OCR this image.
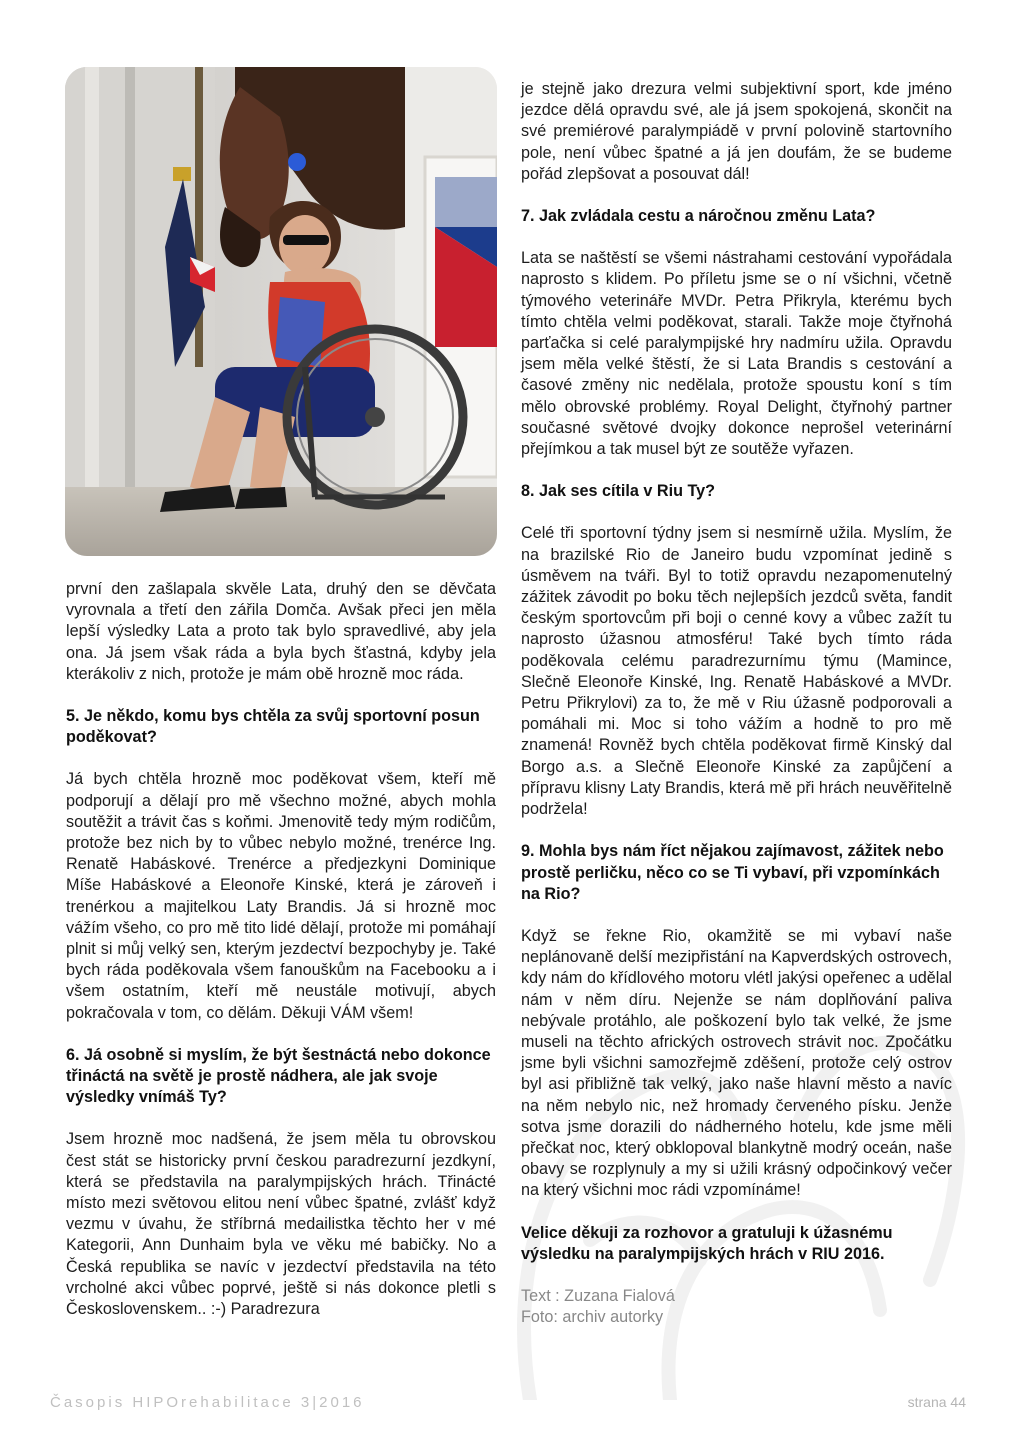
první den zašlapala skvěle Lata, druhý den se děvčata vyrovnala a třetí den zářila Domča. Avšak přeci jen měla lepší výsledky Lata a proto tak bylo spravedlivé, aby jela ona. Já jsem však ráda a byla bych šťastná, kdyby jela kterákoliv z nich, protože je mám obě hrozně moc ráda.

5. Je někdo, komu bys chtěla za svůj sportovní posun poděkovat?

Já bych chtěla hrozně moc poděkovat všem, kteří mě podporují a dělají pro mě všechno možné, abych mohla soutěžit a trávit čas s koňmi. Jmenovitě tedy mým rodičům, protože bez nich by to vůbec nebylo možné, trenérce Ing. Renatě Habáskové. Trenérce a předjezkyni Dominique Míše Habáskové a Eleonoře Kinské, která je zároveň i trenérkou a majitelkou Laty Brandis. Já si hrozně moc vážím všeho, co pro mě tito lidé dělají, protože mi pomáhají plnit si můj velký sen, kterým jezdectví bezpochyby je. Také bych ráda poděkovala všem fanouškům na Facebooku a i všem ostatním, kteří mě neustále motivují, abych pokračovala v tom, co dělám. Děkuji VÁM všem!

6. Já osobně si myslím, že být šestnáctá nebo dokonce třináctá na světě je prostě nádhera, ale jak svoje výsledky vnímáš Ty?

Jsem hrozně moc nadšená, že jsem měla tu obrovskou čest stát se historicky první českou paradrezurní jezdkyní, která se představila na paralympijských hrách. Třinácté místo mezi světovou elitou není vůbec špatné, zvlášť když vezmu v úvahu, že stříbrná medailistka těchto her v mé Kategorii, Ann Dunhaim byla ve věku mé babičky. No a Česká republika se navíc v jezdectví představila na této vrcholné akci vůbec poprvé, ještě si nás dokonce pletli s Československem.. :-) Paradrezura

je stejně jako drezura velmi subjektivní sport, kde jméno jezdce dělá opravdu své, ale já jsem spokojená, skončit na své premiérové paralympiádě v první polovině startovního pole, není vůbec špatné a já jen doufám, že se budeme pořád zlepšovat a posouvat dál!

7. Jak zvládala cestu a náročnou změnu Lata?

Lata se naštěstí se všemi nástrahami cestování vypořádala naprosto s klidem. Po příletu jsme se o ní všichni, včetně týmového veterináře MVDr. Petra Přikryla, kterému bych tímto chtěla velmi poděkovat, starali. Takže moje čtyřnohá parťačka si celé paralympijské hry nadmíru užila. Opravdu jsem měla velké štěstí, že si Lata Brandis s cestování a časové změny nic nedělala, protože spoustu koní s tím mělo obrovské problémy. Royal Delight, čtyřnohý partner současné světové dvojky dokonce neprošel veterinární přejímkou a tak musel být ze soutěže vyřazen.

8. Jak ses cítila v Riu Ty?

Celé tři sportovní týdny jsem si nesmírně užila. Myslím, že na brazilské Rio de Janeiro budu vzpomínat jedině s úsměvem na tváři. Byl to totiž opravdu nezapomenutelný zážitek závodit po boku těch nejlepších jezdců světa, fandit českým sportovcům při boji o cenné kovy a vůbec zažít tu naprosto úžasnou atmosféru! Také bych tímto ráda poděkovala celému paradrezurnímu týmu (Mamince, Slečně Eleonoře Kinské, Ing. Renatě Habáskové a MVDr. Petru Přikrylovi) za to, že mě v Riu úžasně podporovali a pomáhali mi. Moc si toho vážím a hodně to pro mě znamená! Rovněž bych chtěla poděkovat firmě Kinský dal Borgo a.s. a Slečně Eleonoře Kinské za zapůjčení a přípravu klisny Laty Brandis, která mě při hrách neuvěřitelně podržela!

9. Mohla bys nám říct nějakou zajímavost, zážitek nebo prostě perličku, něco co se Ti vybaví, při vzpomínkách na Rio?

Když se řekne Rio, okamžitě se mi vybaví naše neplánovaně delší mezipřistání na Kapverdských ostrovech, kdy nám do křídlového motoru vlétl jakýsi opeřenec a udělal nám v něm díru. Nejenže se nám doplňování paliva nebývale protáhlo, ale poškození bylo tak velké, že jsme museli na těchto afrických ostrovech strávit noc. Zpočátku jsme byli všichni samozřejmě zděšení, protože celý ostrov byl asi přibližně tak velký, jako naše hlavní město a navíc na něm nebylo nic, než hromady červeného písku. Jenže sotva jsme dorazili do nádherného hotelu, kde jsme měli přečkat noc, který obklopoval blankytně modrý oceán, naše obavy se rozplynuly a my si užili krásný odpočinkový večer na který všichni moc rádi vzpomínáme!

Velice děkuji za rozhovor a gratuluji k úžasnému výsledku na paralympijských hrách v RIU 2016.

Text : Zuzana Fialová

Foto: archiv autorky

Časopis HIPOrehabilitace 3|2016	strana 44
